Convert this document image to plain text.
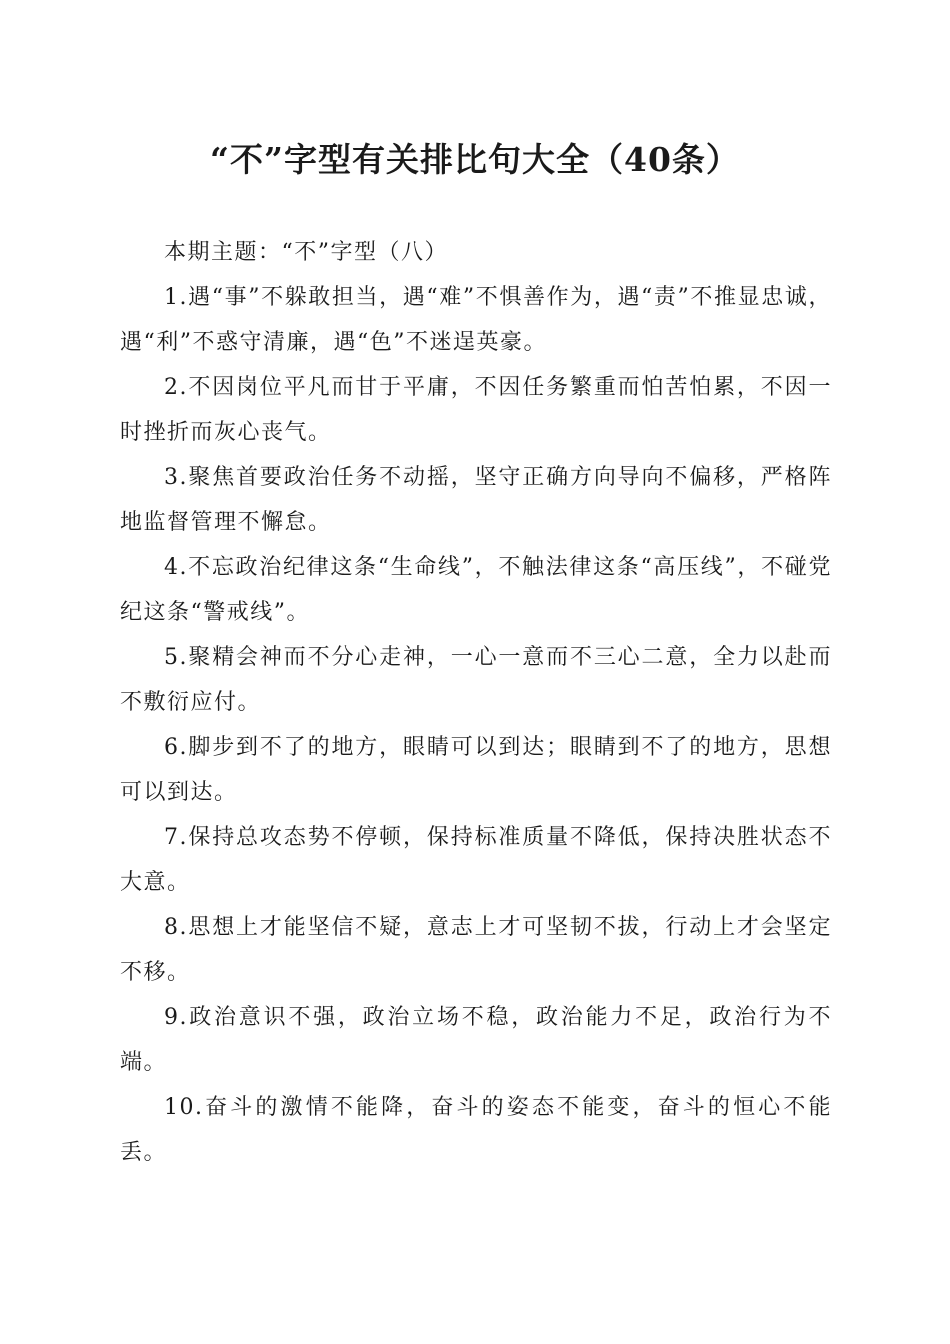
“不”字型有关排比句大全（40条）

本期主题：“不”字型（八）

1.遇“事”不躲敢担当，遇“难”不惧善作为，遇“责”不推显忠诚，遇“利”不惑守清廉，遇“色”不迷逞英豪。

2.不因岗位平凡而甘于平庸，不因任务繁重而怕苦怕累，不因一时挫折而灰心丧气。

3.聚焦首要政治任务不动摇，坚守正确方向导向不偏移，严格阵地监督管理不懈怠。

4.不忘政治纪律这条“生命线”，不触法律这条“高压线”，不碰党纪这条“警戒线”。

5.聚精会神而不分心走神，一心一意而不三心二意，全力以赴而不敷衍应付。

6.脚步到不了的地方，眼睛可以到达；眼睛到不了的地方，思想可以到达。

7.保持总攻态势不停顿，保持标准质量不降低，保持决胜状态不大意。

8.思想上才能坚信不疑，意志上才可坚韧不拔，行动上才会坚定不移。

9.政治意识不强，政治立场不稳，政治能力不足，政治行为不端。

10.奋斗的激情不能降，奋斗的姿态不能变，奋斗的恒心不能丢。
